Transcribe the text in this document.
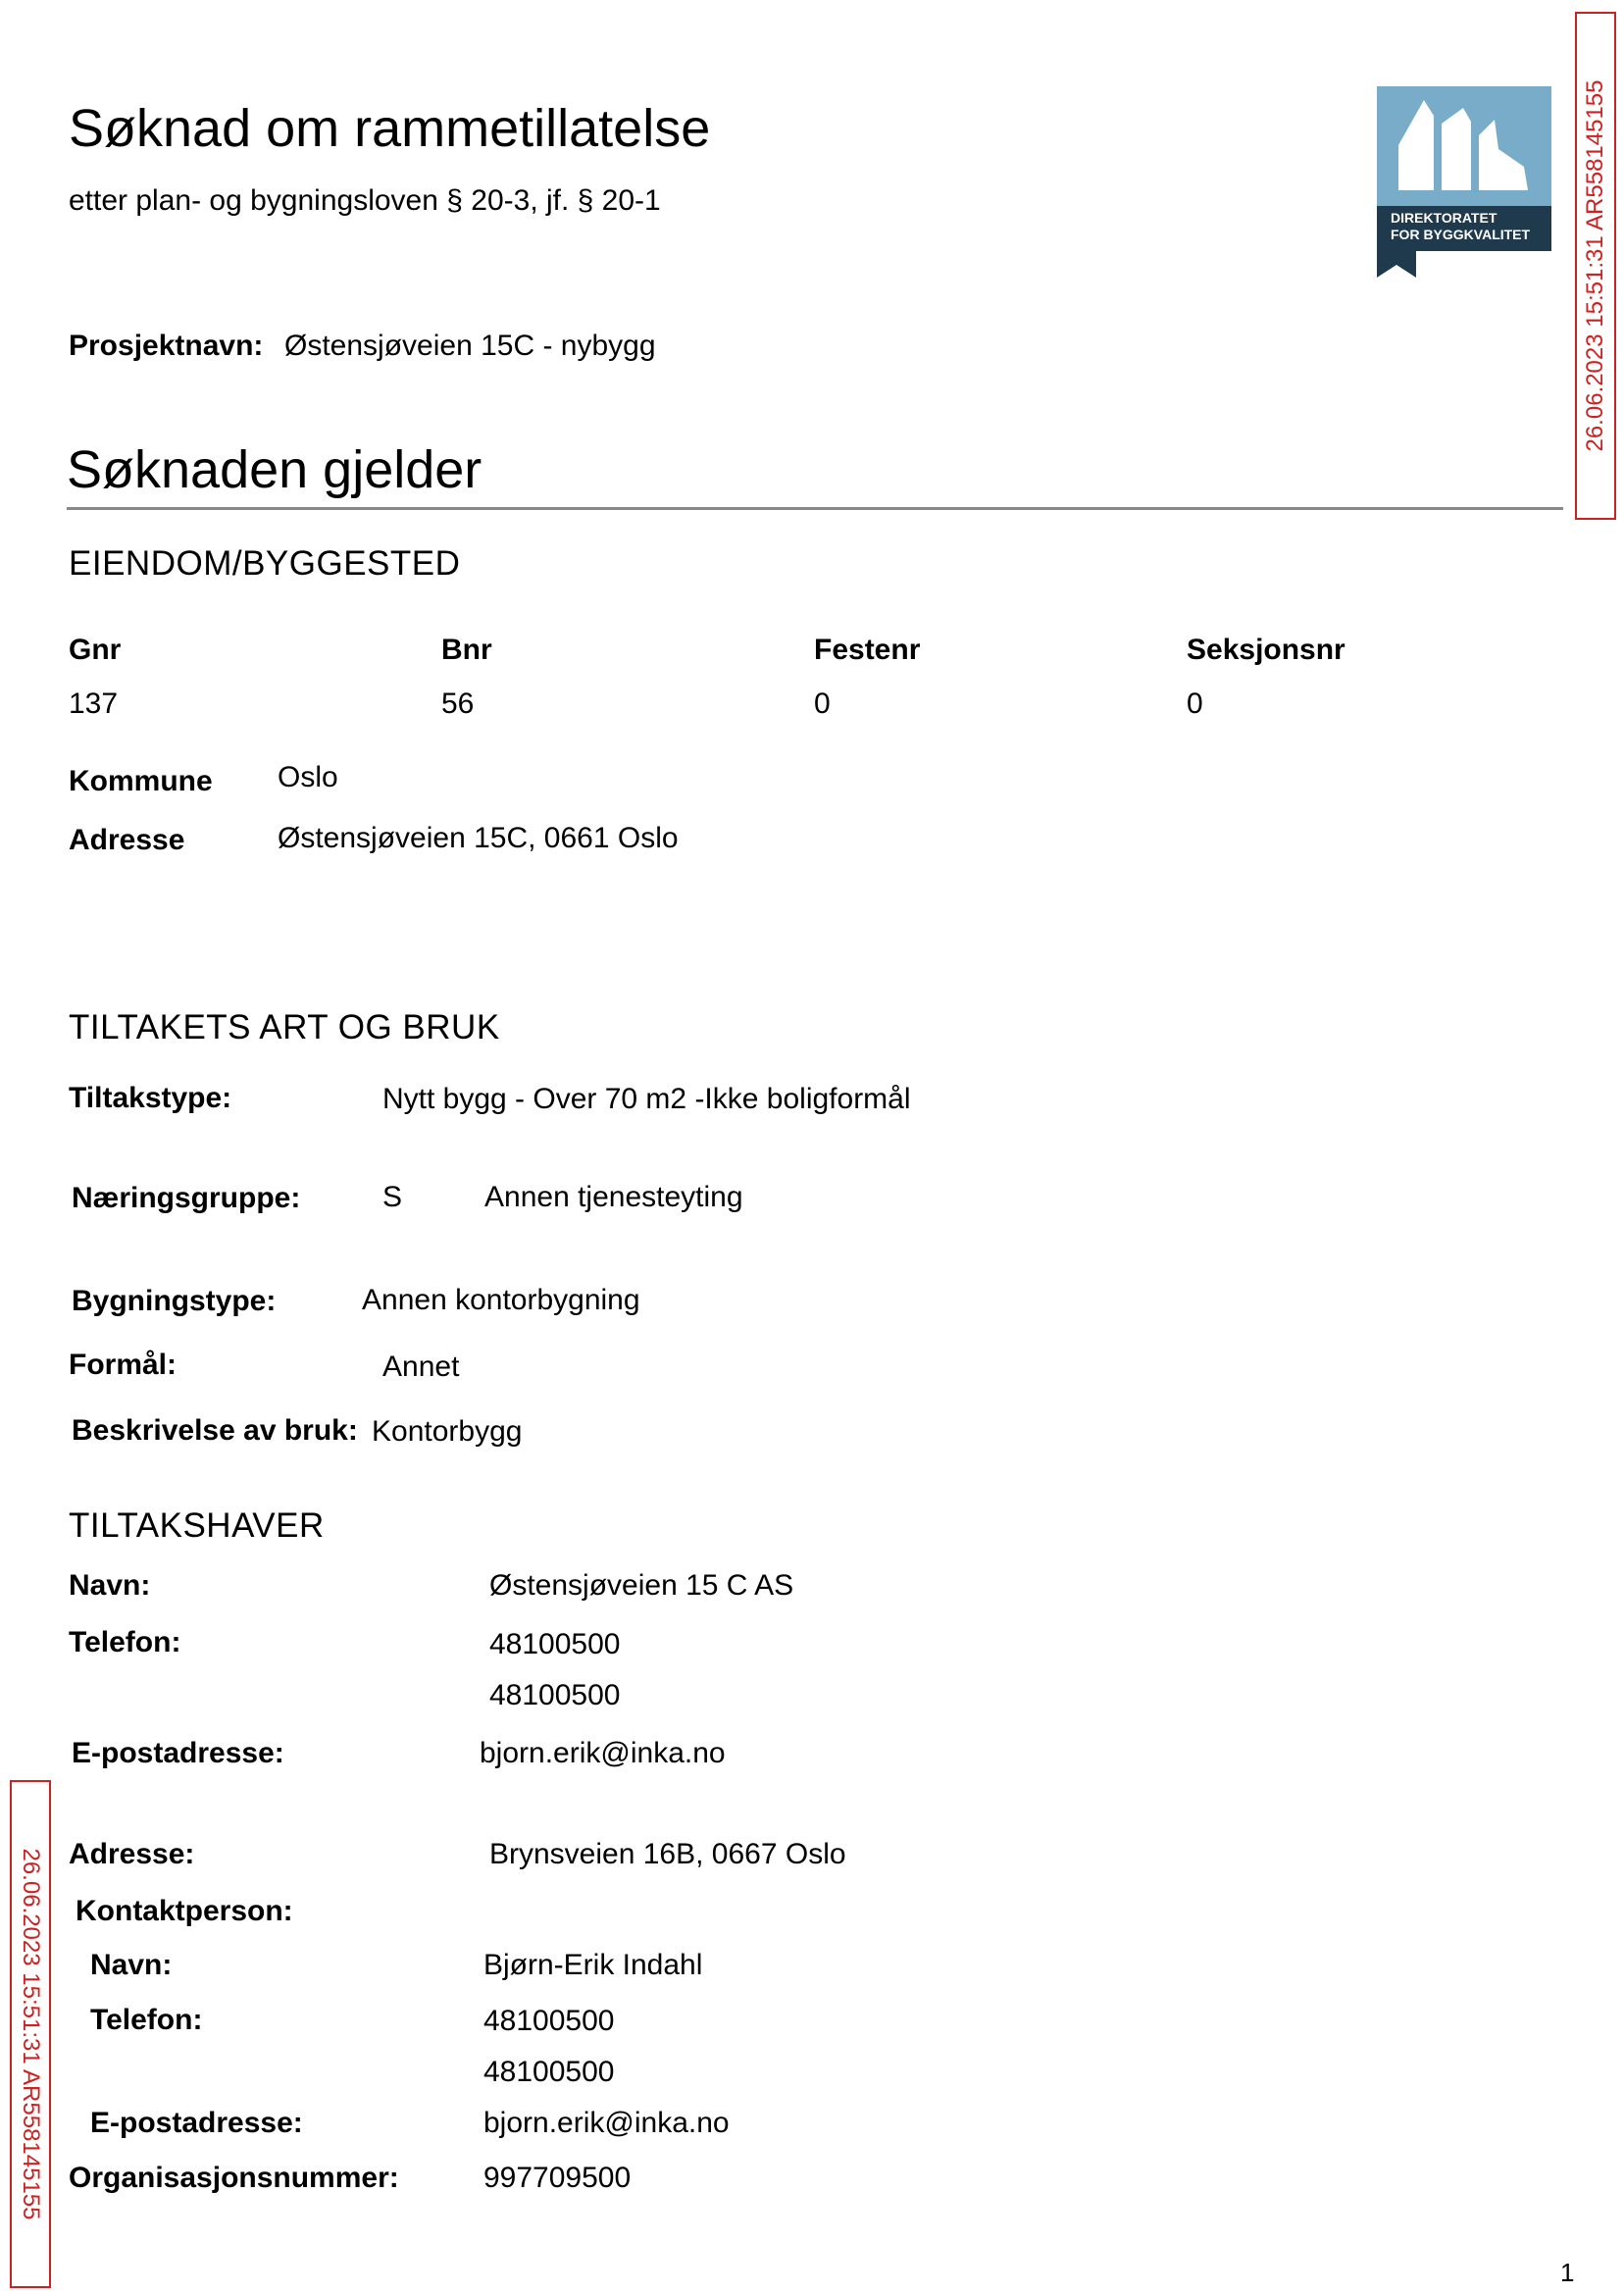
Søknad om rammetillatelse
etter plan- og bygningsloven § 20-3, jf. § 20-1
DIREKTORATET
FOR BYGGKVALITET
Prosjektnavn: Østensjøveien 15C - nybygg
Søknaden gjelder
EIENDOM/BYGGESTED
Gnr	Bnr	Festenr	Seksjonsnr
137	56	0	0
Kommune Oslo
Adresse	Østensjøveien 15C, 0661 Oslo
TILTAKETS ART OG BRUK
Tiltakstype:	Nytt bygg - Over 70 m2 -Ikke boligformål
Næringsgruppe:	S	Annen tjenesteyting
Bygningstype:	Annen kontorbygning
Formål:	Annet
Beskrivelse av bruk: Kontorbygg
TILTAKSHAVER
Navn:	Østensjøveien 15 C AS
Telefon:	48100500
48100500
E-postadresse:	bjorn.erik@inka.no
Adresse:	Brynsveien 16B, 0667 Oslo
Kontaktperson:
Navn:	Bjørn-Erik Indahl
Telefon:	48100500
48100500
E-postadresse:	bjorn.erik@inka.no
Organisasjonsnummer:	997709500
26.06.2023 15:51:31 AR558145155
26.06.2023 15:51:31 AR558145155
1
